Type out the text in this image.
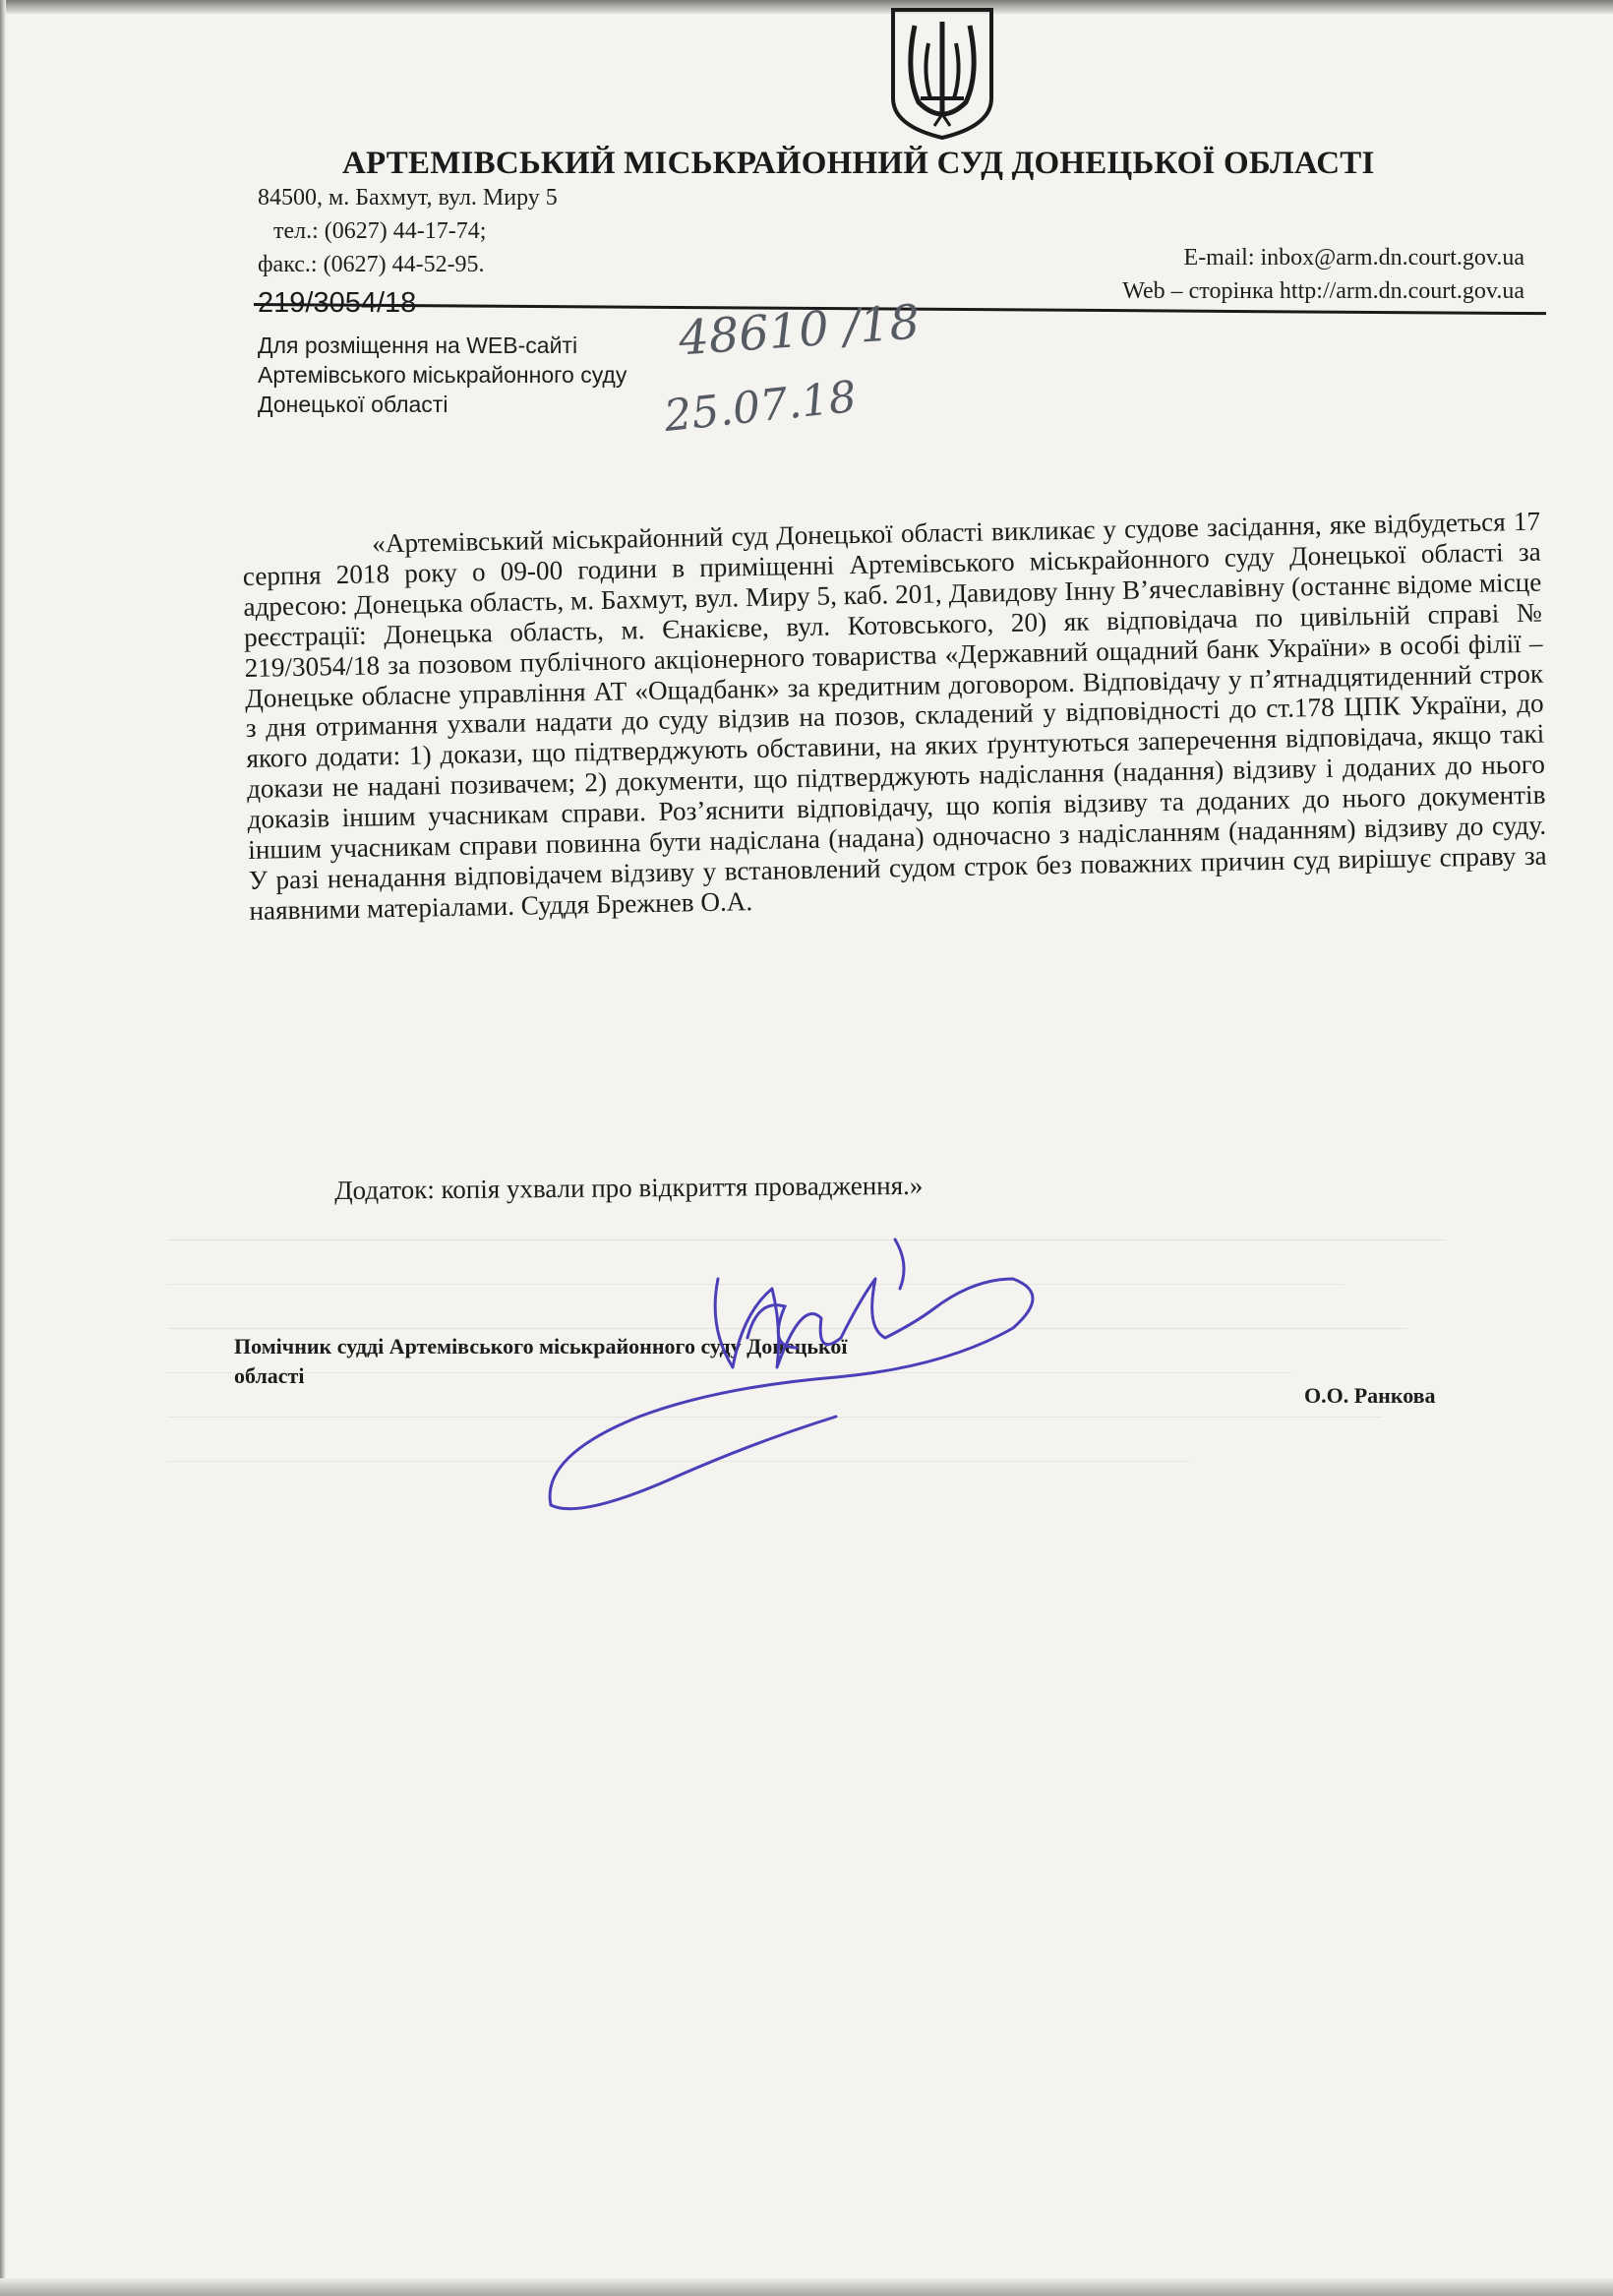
АРТЕМІВСЬКИЙ МІСЬКРАЙОННИЙ СУД ДОНЕЦЬКОЇ ОБЛАСТІ
84500, м. Бахмут, вул. Миру 5
тел.: (0627) 44-17-74;
факс.: (0627) 44-52-95.	E-mail: inbox@arm.dn.court.gov.ua
Web – сторінка http://arm.dn.court.gov.ua
219/3054/18
Для розміщення на WEB-сайті Артемівського міськрайонного суду Донецької області
48610 /18
25.07.18
«Артемівський міськрайонний суд Донецької області викликає у судове засідання, яке відбудеться 17 серпня 2018 року о 09-00 години в приміщенні Артемівського міськрайонного суду Донецької області за адресою: Донецька область, м. Бахмут, вул. Миру 5, каб. 201, Давидову Інну В’ячеславівну (останнє відоме місце реєстрації: Донецька область, м. Єнакієве, вул. Котовського, 20) як відповідача по цивільній справі № 219/3054/18 за позовом публічного акціонерного товариства «Державний ощадний банк України» в особі філії – Донецьке обласне управління АТ «Ощадбанк» за кредитним договором. Відповідачу у п’ятнадцятиденний строк з дня отримання ухвали надати до суду відзив на позов, складений у відповідності до ст.178 ЦПК України, до якого додати: 1) докази, що підтверджують обставини, на яких ґрунтуються заперечення відповідача, якщо такі докази не надані позивачем; 2) документи, що підтверджують надіслання (надання) відзиву і доданих до нього доказів іншим учасникам справи. Роз’яснити відповідачу, що копія відзиву та доданих до нього документів іншим учасникам справи повинна бути надіслана (надана) одночасно з надісланням (наданням) відзиву до суду. У разі ненадання відповідачем відзиву у встановлений судом строк без поважних причин суд вирішує справу за наявними матеріалами. Суддя Брежнев О.А.
Додаток: копія ухвали про відкриття провадження.»
Помічник судді Артемівського міськрайонного суду Донецької області
О.О. Ранкова
